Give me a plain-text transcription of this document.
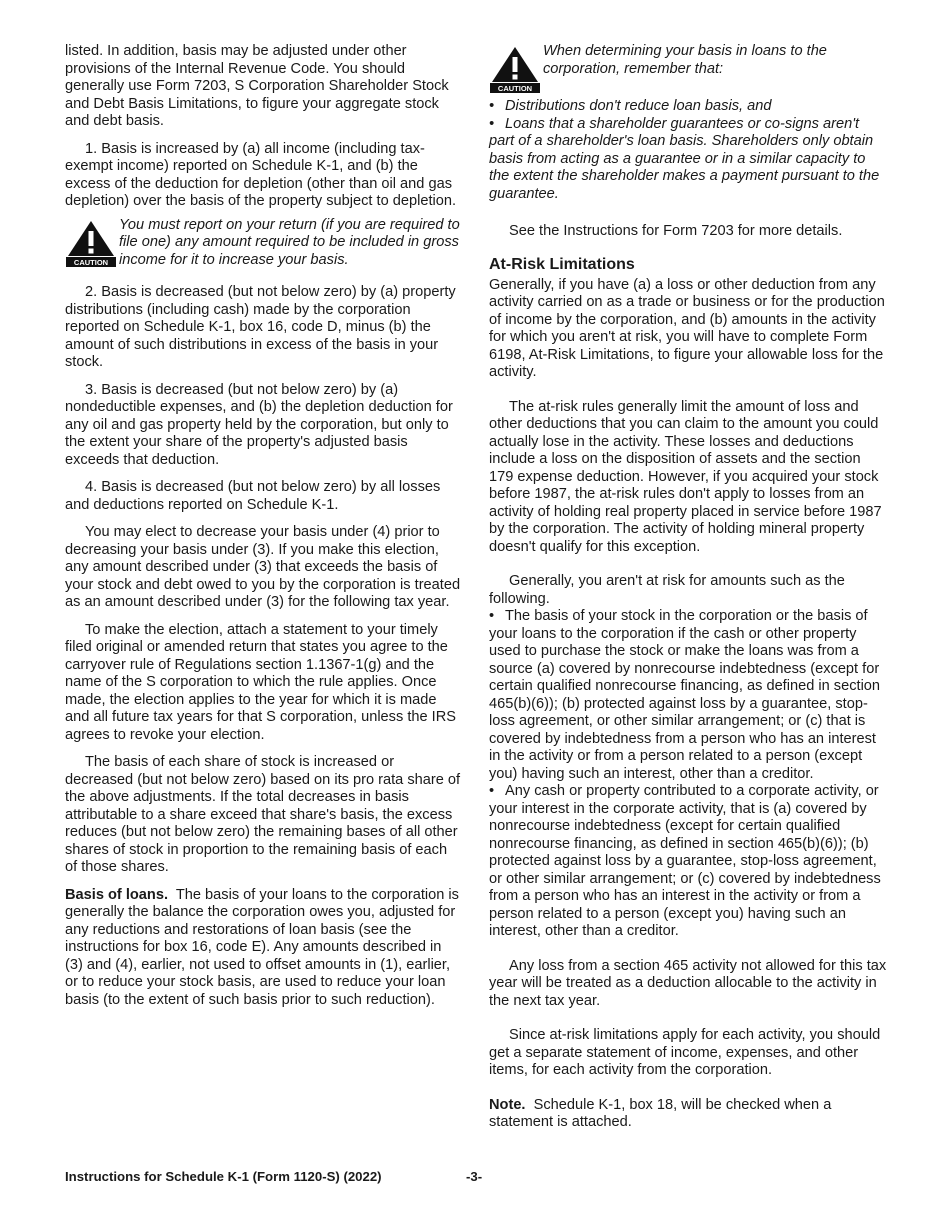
listed. In addition, basis may be adjusted under other provisions of the Internal Revenue Code. You should generally use Form 7203, S Corporation Shareholder Stock and Debt Basis Limitations, to figure your aggregate stock and debt basis.

1. Basis is increased by (a) all income (including tax-exempt income) reported on Schedule K-1, and (b) the excess of the deduction for depletion (other than oil and gas depletion) over the basis of the property subject to depletion.

CAUTION
You must report on your return (if you are required to file one) any amount required to be included in gross income for it to increase your basis.

2. Basis is decreased (but not below zero) by (a) property distributions (including cash) made by the corporation reported on Schedule K-1, box 16, code D, minus (b) the amount of such distributions in excess of the basis in your stock.

3. Basis is decreased (but not below zero) by (a) nondeductible expenses, and (b) the depletion deduction for any oil and gas property held by the corporation, but only to the extent your share of the property's adjusted basis exceeds that deduction.

4. Basis is decreased (but not below zero) by all losses and deductions reported on Schedule K-1.

You may elect to decrease your basis under (4) prior to decreasing your basis under (3). If you make this election, any amount described under (3) that exceeds the basis of your stock and debt owed to you by the corporation is treated as an amount described under (3) for the following tax year.

To make the election, attach a statement to your timely filed original or amended return that states you agree to the carryover rule of Regulations section 1.1367-1(g) and the name of the S corporation to which the rule applies. Once made, the election applies to the year for which it is made and all future tax years for that S corporation, unless the IRS agrees to revoke your election.

The basis of each share of stock is increased or decreased (but not below zero) based on its pro rata share of the above adjustments. If the total decreases in basis attributable to a share exceed that share's basis, the excess reduces (but not below zero) the remaining bases of all other shares of stock in proportion to the remaining basis of each of those shares.

Basis of loans. The basis of your loans to the corporation is generally the balance the corporation owes you, adjusted for any reductions and restorations of loan basis (see the instructions for box 16, code E). Any amounts described in (3) and (4), earlier, not used to offset amounts in (1), earlier, or to reduce your stock basis, are used to reduce your loan basis (to the extent of such basis prior to such reduction).

CAUTION
When determining your basis in loans to the corporation, remember that:
• Distributions don't reduce loan basis, and
• Loans that a shareholder guarantees or co-signs aren't part of a shareholder's loan basis. Shareholders only obtain basis from acting as a guarantee or in a similar capacity to the extent the shareholder makes a payment pursuant to the guarantee.

See the Instructions for Form 7203 for more details.

At-Risk Limitations

Generally, if you have (a) a loss or other deduction from any activity carried on as a trade or business or for the production of income by the corporation, and (b) amounts in the activity for which you aren't at risk, you will have to complete Form 6198, At-Risk Limitations, to figure your allowable loss for the activity.

The at-risk rules generally limit the amount of loss and other deductions that you can claim to the amount you could actually lose in the activity. These losses and deductions include a loss on the disposition of assets and the section 179 expense deduction. However, if you acquired your stock before 1987, the at-risk rules don't apply to losses from an activity of holding real property placed in service before 1987 by the corporation. The activity of holding mineral property doesn't qualify for this exception.

Generally, you aren't at risk for amounts such as the following.

• The basis of your stock in the corporation or the basis of your loans to the corporation if the cash or other property used to purchase the stock or make the loans was from a source (a) covered by nonrecourse indebtedness (except for certain qualified nonrecourse financing, as defined in section 465(b)(6)); (b) protected against loss by a guarantee, stop-loss agreement, or other similar arrangement; or (c) that is covered by indebtedness from a person who has an interest in the activity or from a person related to a person (except you) having such an interest, other than a creditor.

• Any cash or property contributed to a corporate activity, or your interest in the corporate activity, that is (a) covered by nonrecourse indebtedness (except for certain qualified nonrecourse financing, as defined in section 465(b)(6)); (b) protected against loss by a guarantee, stop-loss agreement, or other similar arrangement; or (c) covered by indebtedness from a person who has an interest in the activity or from a person related to a person (except you) having such an interest, other than a creditor.

Any loss from a section 465 activity not allowed for this tax year will be treated as a deduction allocable to the activity in the next tax year.

Since at-risk limitations apply for each activity, you should get a separate statement of income, expenses, and other items, for each activity from the corporation.

Note. Schedule K-1, box 18, will be checked when a statement is attached.

Instructions for Schedule K-1 (Form 1120-S) (2022)	-3-
